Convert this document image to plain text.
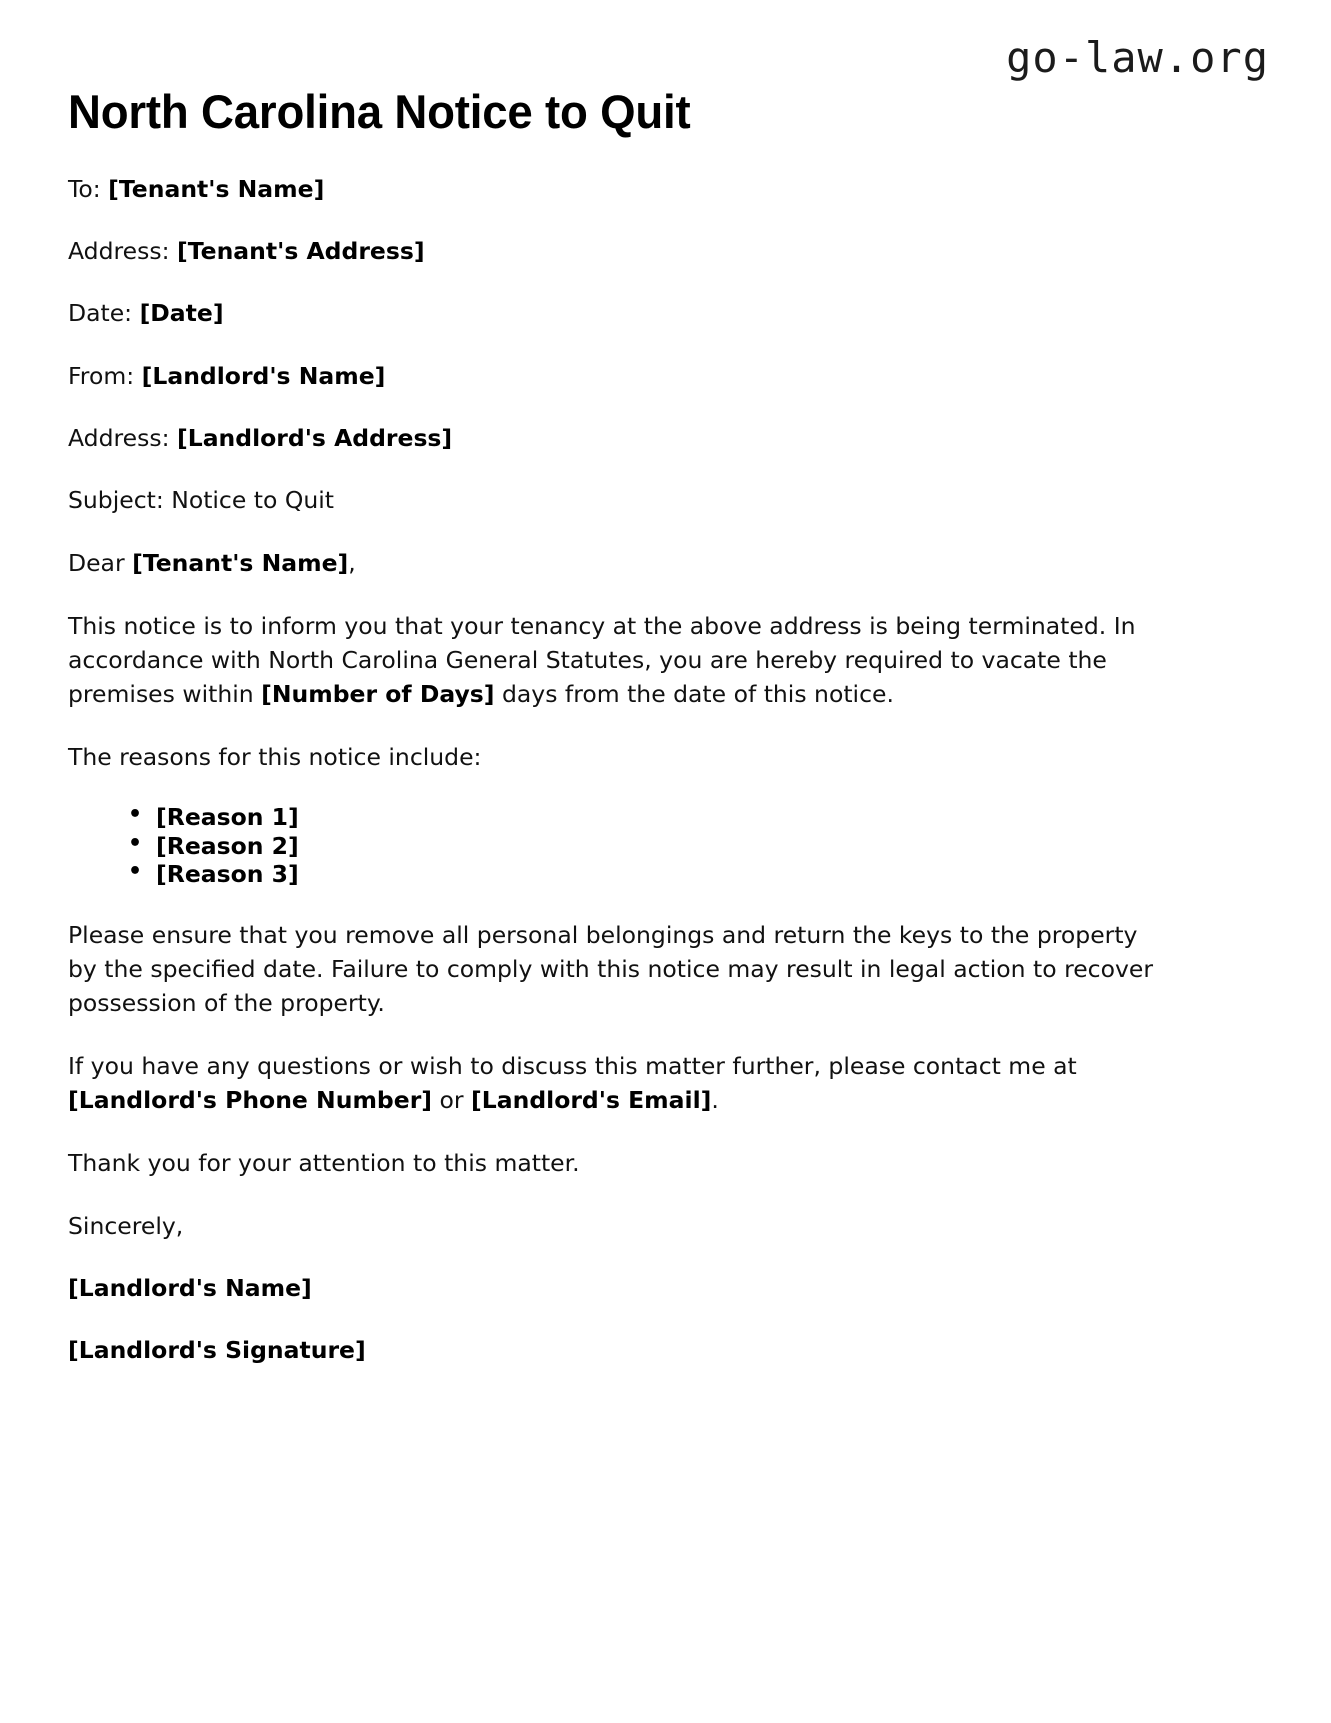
go-law.org
North Carolina Notice to Quit

To: [Tenant's Name]

Address: [Tenant's Address]

Date: [Date]

From: [Landlord's Name]

Address: [Landlord's Address]

Subject: Notice to Quit

Dear [Tenant's Name],

This notice is to inform you that your tenancy at the above address is being terminated. In accordance with North Carolina General Statutes, you are hereby required to vacate the premises within [Number of Days] days from the date of this notice.

The reasons for this notice include:

• [Reason 1]
• [Reason 2]
• [Reason 3]

Please ensure that you remove all personal belongings and return the keys to the property by the specified date. Failure to comply with this notice may result in legal action to recover possession of the property.

If you have any questions or wish to discuss this matter further, please contact me at [Landlord's Phone Number] or [Landlord's Email].

Thank you for your attention to this matter.

Sincerely,

[Landlord's Name]

[Landlord's Signature]
